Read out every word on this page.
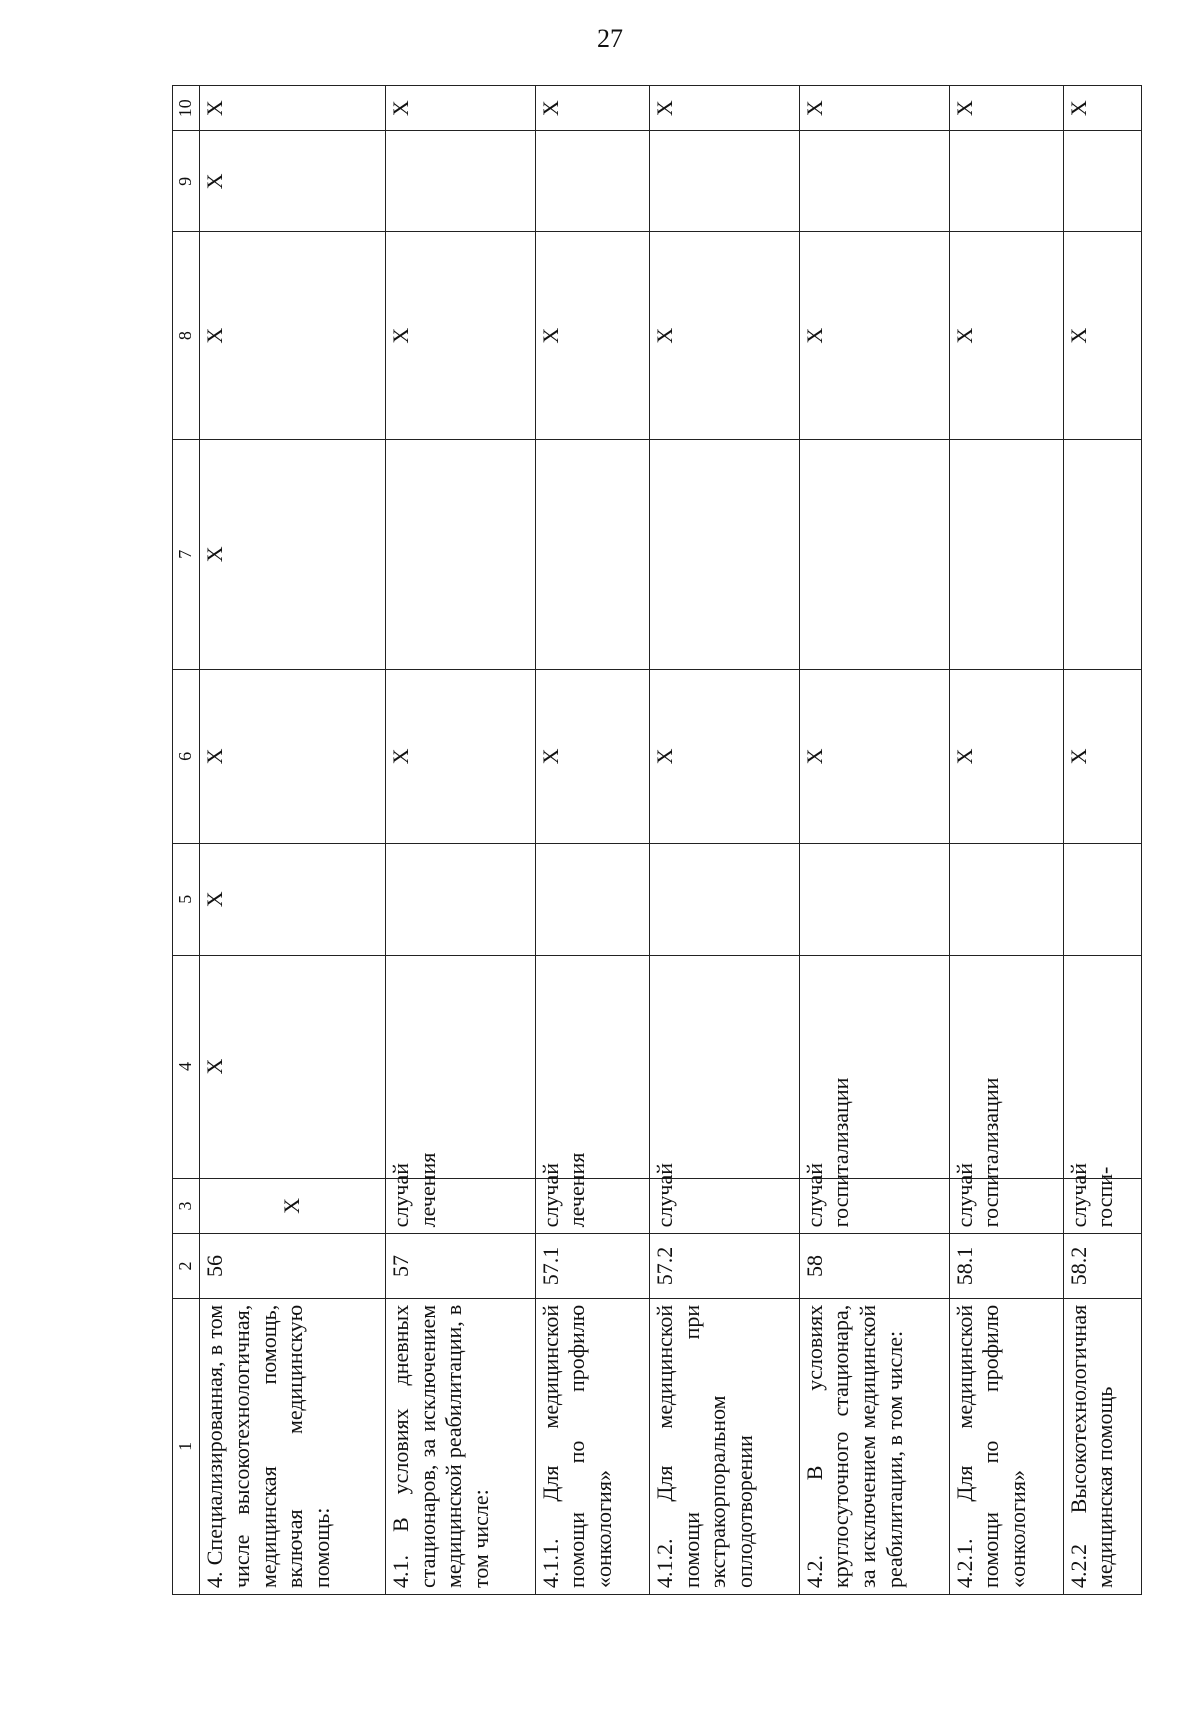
27
1	2	3	4	5	6	7	8	9	10
4. Специализированная, в том числе высокотехнологичная, медицинская помощь, включая медицинскую помощь:	56	Х	Х	Х	Х	Х	Х	Х	Х
4.1. В условиях дневных стационаров, за исключением медицинской реабилитации, в том числе:	57	случай лечения			Х		Х		Х
4.1.1. Для медицинской помощи по профилю «онкология»	57.1	случай лечения			Х		Х		Х
4.1.2. Для медицинской помощи при экстракорпоральном оплодотворении	57.2	случай			Х		Х		Х
4.2. В условиях круглосуточного стационара, за исключением медицинской реабилитации, в том числе:	58	случай госпитализации			Х		Х		Х
4.2.1. Для медицинской помощи по профилю «онкология»	58.1	случай госпитализации			Х		Х		Х
4.2.2 Высокотехнологичная медицинская помощь	58.2	случай госпи-			Х		Х		Х
